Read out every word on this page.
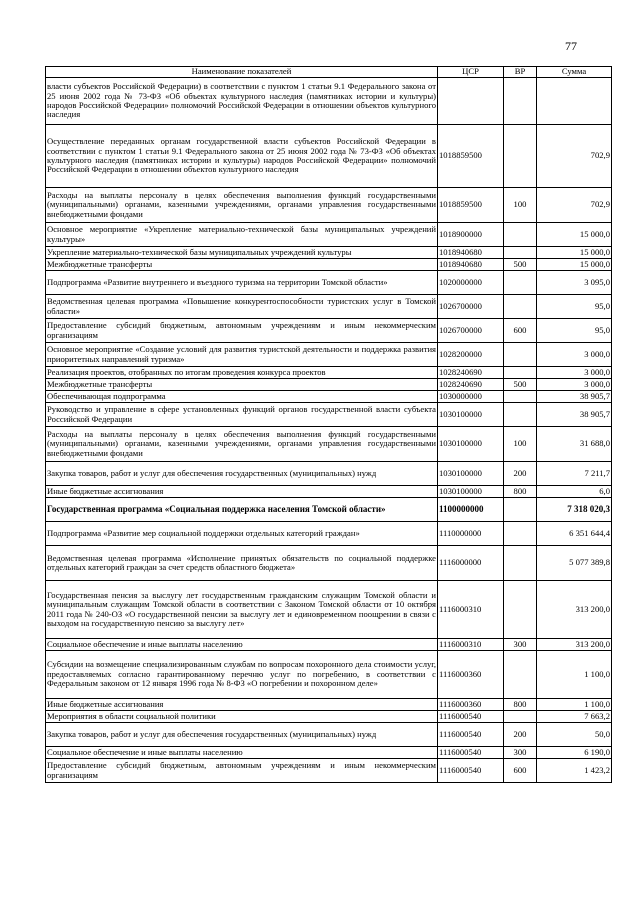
77
Наименование показателей	ЦСР	ВР	Сумма
власти субъектов Российской Федерации) в соответствии с пунктом 1 статьи 9.1 Федерального закона от 25 июня 2002 года № 73-ФЗ «Об объектах культурного наследия (памятниках истории и культуры) народов Российской Федерации» полномочий Российской Федерации в отношении объектов культурного наследия			
Осуществление переданных органам государственной власти субъектов Российской Федерации в соответствии с пунктом 1 статьи 9.1 Федерального закона от 25 июня 2002 года № 73-ФЗ «Об объектах культурного наследия (памятниках истории и культуры) народов Российской Федерации» полномочий Российской Федерации в отношении объектов культурного наследия	1018859500		702,9
Расходы на выплаты персоналу в целях обеспечения выполнения функций государственными (муниципальными) органами, казенными учреждениями, органами управления государственными внебюджетными фондами	1018859500	100	702,9
Основное мероприятие «Укрепление материально-технической базы муниципальных учреждений культуры»	1018900000		15 000,0
Укрепление материально-технической базы муниципальных учреждений культуры	1018940680		15 000,0
Межбюджетные трансферты	1018940680	500	15 000,0
Подпрограмма «Развитие внутреннего и въездного туризма на территории Томской области»	1020000000		3 095,0
Ведомственная целевая программа «Повышение конкурентоспособности туристских услуг в Томской области»	1026700000		95,0
Предоставление субсидий бюджетным, автономным учреждениям и иным некоммерческим организациям	1026700000	600	95,0
Основное мероприятие «Создание условий для развития туристской деятельности и поддержка развития приоритетных направлений туризма»	1028200000		3 000,0
Реализация проектов, отобранных по итогам проведения конкурса проектов	1028240690		3 000,0
Межбюджетные трансферты	1028240690	500	3 000,0
Обеспечивающая подпрограмма	1030000000		38 905,7
Руководство и управление в сфере установленных функций органов государственной власти субъекта Российской Федерации	1030100000		38 905,7
Расходы на выплаты персоналу в целях обеспечения выполнения функций государственными (муниципальными) органами, казенными учреждениями, органами управления государственными внебюджетными фондами	1030100000	100	31 688,0
Закупка товаров, работ и услуг для обеспечения государственных (муниципальных) нужд	1030100000	200	7 211,7
Иные бюджетные ассигнования	1030100000	800	6,0
Государственная программа «Социальная поддержка населения Томской области»	1100000000		7 318 020,3
Подпрограмма «Развитие мер социальной поддержки отдельных категорий граждан»	1110000000		6 351 644,4
Ведомственная целевая программа «Исполнение принятых обязательств по социальной поддержке отдельных категорий граждан за счет средств областного бюджета»	1116000000		5 077 389,8
Государственная пенсия за выслугу лет государственным гражданским служащим Томской области и муниципальным служащим Томской области в соответствии с Законом Томской области от 10 октября 2011 года № 240-ОЗ «О государственной пенсии за выслугу лет и единовременном поощрении в связи с выходом на государственную пенсию за выслугу лет»	1116000310		313 200,0
Социальное обеспечение и иные выплаты населению	1116000310	300	313 200,0
Субсидии на возмещение специализированным службам по вопросам похоронного дела стоимости услуг, предоставляемых согласно гарантированному перечню услуг по погребению, в соответствии с Федеральным законом от 12 января 1996 года № 8-ФЗ «О погребении и похоронном деле»	1116000360		1 100,0
Иные бюджетные ассигнования	1116000360	800	1 100,0
Мероприятия в области социальной политики	1116000540		7 663,2
Закупка товаров, работ и услуг для обеспечения государственных (муниципальных) нужд	1116000540	200	50,0
Социальное обеспечение и иные выплаты населению	1116000540	300	6 190,0
Предоставление субсидий бюджетным, автономным учреждениям и иным некоммерческим организациям	1116000540	600	1 423,2
